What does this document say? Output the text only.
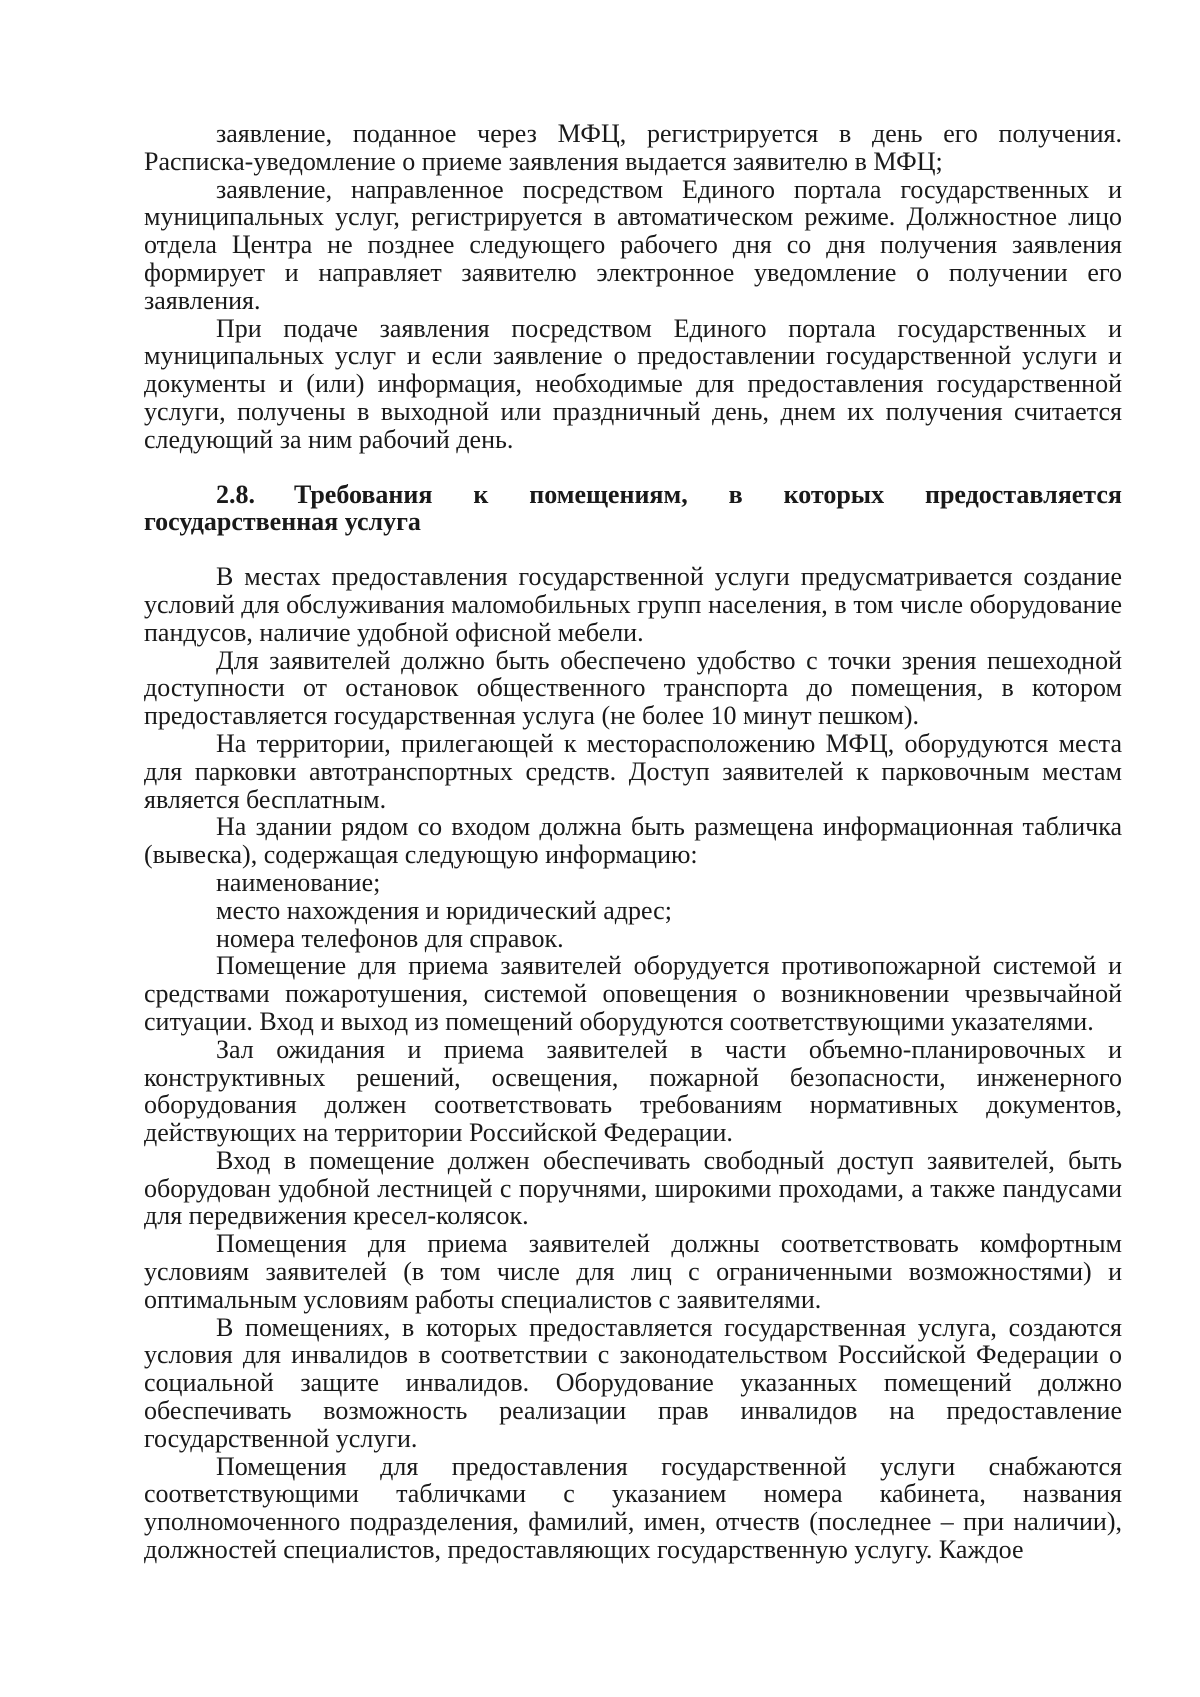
заявление, поданное через МФЦ, регистрируется в день его получения. Расписка-уведомление о приеме заявления выдается заявителю в МФЦ;

заявление, направленное посредством Единого портала государственных и муниципальных услуг, регистрируется в автоматическом режиме. Должностное лицо отдела Центра не позднее следующего рабочего дня со дня получения заявления формирует и направляет заявителю электронное уведомление о получении его заявления.

При подаче заявления посредством Единого портала государственных и муниципальных услуг и если заявление о предоставлении государственной услуги и документы и (или) информация, необходимые для предоставления государственной услуги, получены в выходной или праздничный день, днем их получения считается следующий за ним рабочий день.

2.8. Требования к помещениям, в которых предоставляется государственная услуга

В местах предоставления государственной услуги предусматривается создание условий для обслуживания маломобильных групп населения, в том числе оборудование пандусов, наличие удобной офисной мебели.

Для заявителей должно быть обеспечено удобство с точки зрения пешеходной доступности от остановок общественного транспорта до помещения, в котором предоставляется государственная услуга (не более 10 минут пешком).

На территории, прилегающей к месторасположению МФЦ, оборудуются места для парковки автотранспортных средств. Доступ заявителей к парковочным местам является бесплатным.

На здании рядом со входом должна быть размещена информационная табличка (вывеска), содержащая следующую информацию:

наименование;

место нахождения и юридический адрес;

номера телефонов для справок.

Помещение для приема заявителей оборудуется противопожарной системой и средствами пожаротушения, системой оповещения о возникновении чрезвычайной ситуации. Вход и выход из помещений оборудуются соответствующими указателями.

Зал ожидания и приема заявителей в части объемно-планировочных и конструктивных решений, освещения, пожарной безопасности, инженерного оборудования должен соответствовать требованиям нормативных документов, действующих на территории Российской Федерации.

Вход в помещение должен обеспечивать свободный доступ заявителей, быть оборудован удобной лестницей с поручнями, широкими проходами, а также пандусами для передвижения кресел-колясок.

Помещения для приема заявителей должны соответствовать комфортным условиям заявителей (в том числе для лиц с ограниченными возможностями) и оптимальным условиям работы специалистов с заявителями.

В помещениях, в которых предоставляется государственная услуга, создаются условия для инвалидов в соответствии с законодательством Российской Федерации о социальной защите инвалидов. Оборудование указанных помещений должно обеспечивать возможность реализации прав инвалидов на предоставление государственной услуги.

Помещения для предоставления государственной услуги снабжаются соответствующими табличками с указанием номера кабинета, названия уполномоченного подразделения, фамилий, имен, отчеств (последнее – при наличии), должностей специалистов, предоставляющих государственную услугу. Каждое
